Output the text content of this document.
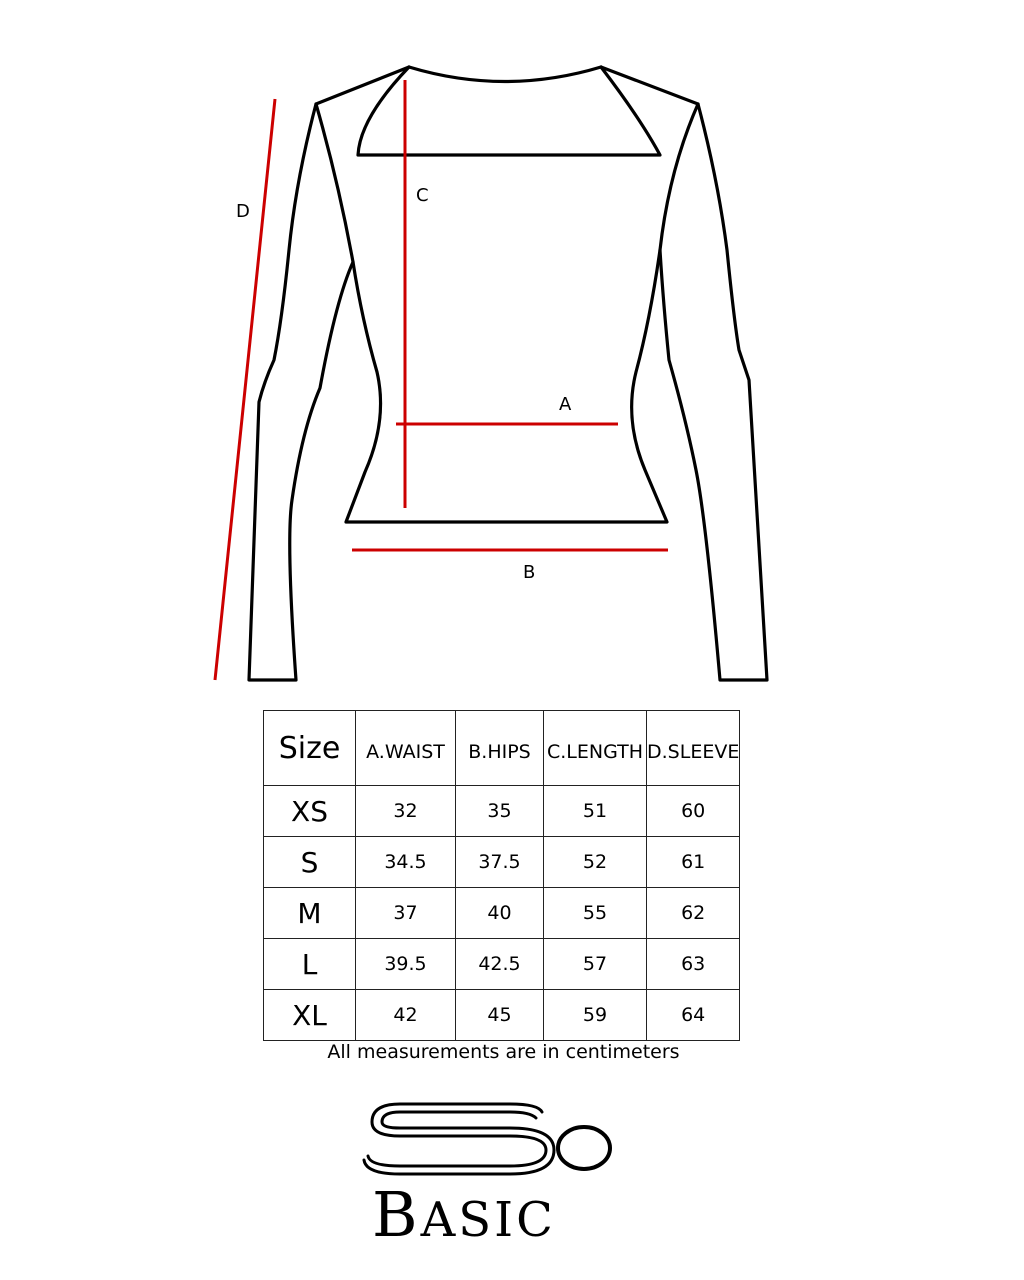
D
C
A
B
Size	A.WAIST	B.HIPS	C.LENGTH	D.SLEEVE
XS	32	35	51	60
S	34.5	37.5	52	61
M	37	40	55	62
L	39.5	42.5	57	63
XL	42	45	59	64
All measurements are in centimeters
BASIC
